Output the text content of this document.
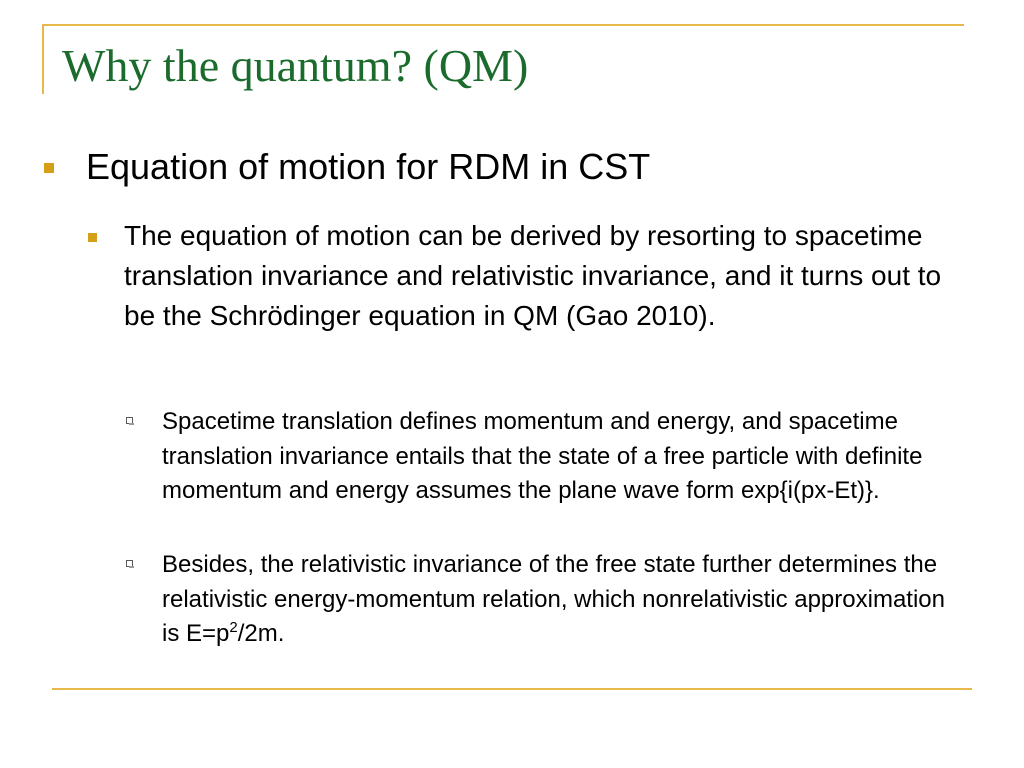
Why the quantum? (QM)
Equation of motion for RDM in CST
The equation of motion can be derived by resorting to spacetime translation invariance and relativistic invariance, and it turns out to be the Schrödinger equation in QM (Gao 2010).
Spacetime translation defines momentum and energy, and spacetime translation invariance entails that the state of a free particle with definite momentum and energy assumes the plane wave form exp{i(px-Et)}.
Besides, the relativistic invariance of the free state further determines the relativistic energy-momentum relation, which nonrelativistic approximation is $E=p^2/2m$.
